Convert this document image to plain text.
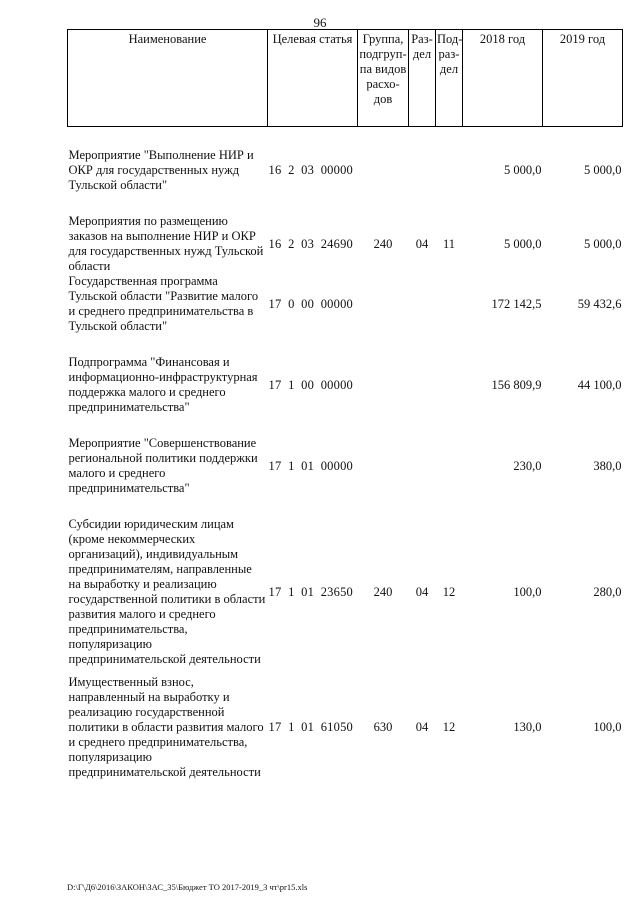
96
Наименование	Целевая статья	Группа, подгруп-па видов расхо-дов	Раз-дел	Под-раз-дел	2018 год	2019 год

Мероприятие "Выполнение НИР и ОКР для государственных нужд Тульской области"	16 2 03 00000				5 000,0	5 000,0

Мероприятия по размещению заказов на выполнение НИР и ОКР для государственных нужд Тульской области	16 2 03 24690	240	04	11	5 000,0	5 000,0
Государственная программа Тульской области "Развитие малого и среднего предпринимательства в Тульской области"	17 0 00 00000				172 142,5	59 432,6

Подпрограмма "Финансовая и информационно-инфраструктурная поддержка малого и среднего предпринимательства"	17 1 00 00000				156 809,9	44 100,0

Мероприятие "Совершенствование региональной политики поддержки малого и среднего предпринимательства"	17 1 01 00000				230,0	380,0

Субсидии юридическим лицам (кроме некоммерческих организаций), индивидуальным предпринимателям, направленные на выработку и реализацию государственной политики в области развития малого и среднего предпринимательства, популяризацию предпринимательской деятельности	17 1 01 23650	240	04	12	100,0	280,0

Имущественный взнос, направленный на выработку и реализацию государственной политики в области развития малого и среднего предпринимательства, популяризацию предпринимательской деятельности	17 1 01 61050	630	04	12	130,0	100,0
D:\Г\Д6\2016\ЗАКОН\ЗАС_35\Бюджет ТО 2017-2019_3 чт\pr15.xls
